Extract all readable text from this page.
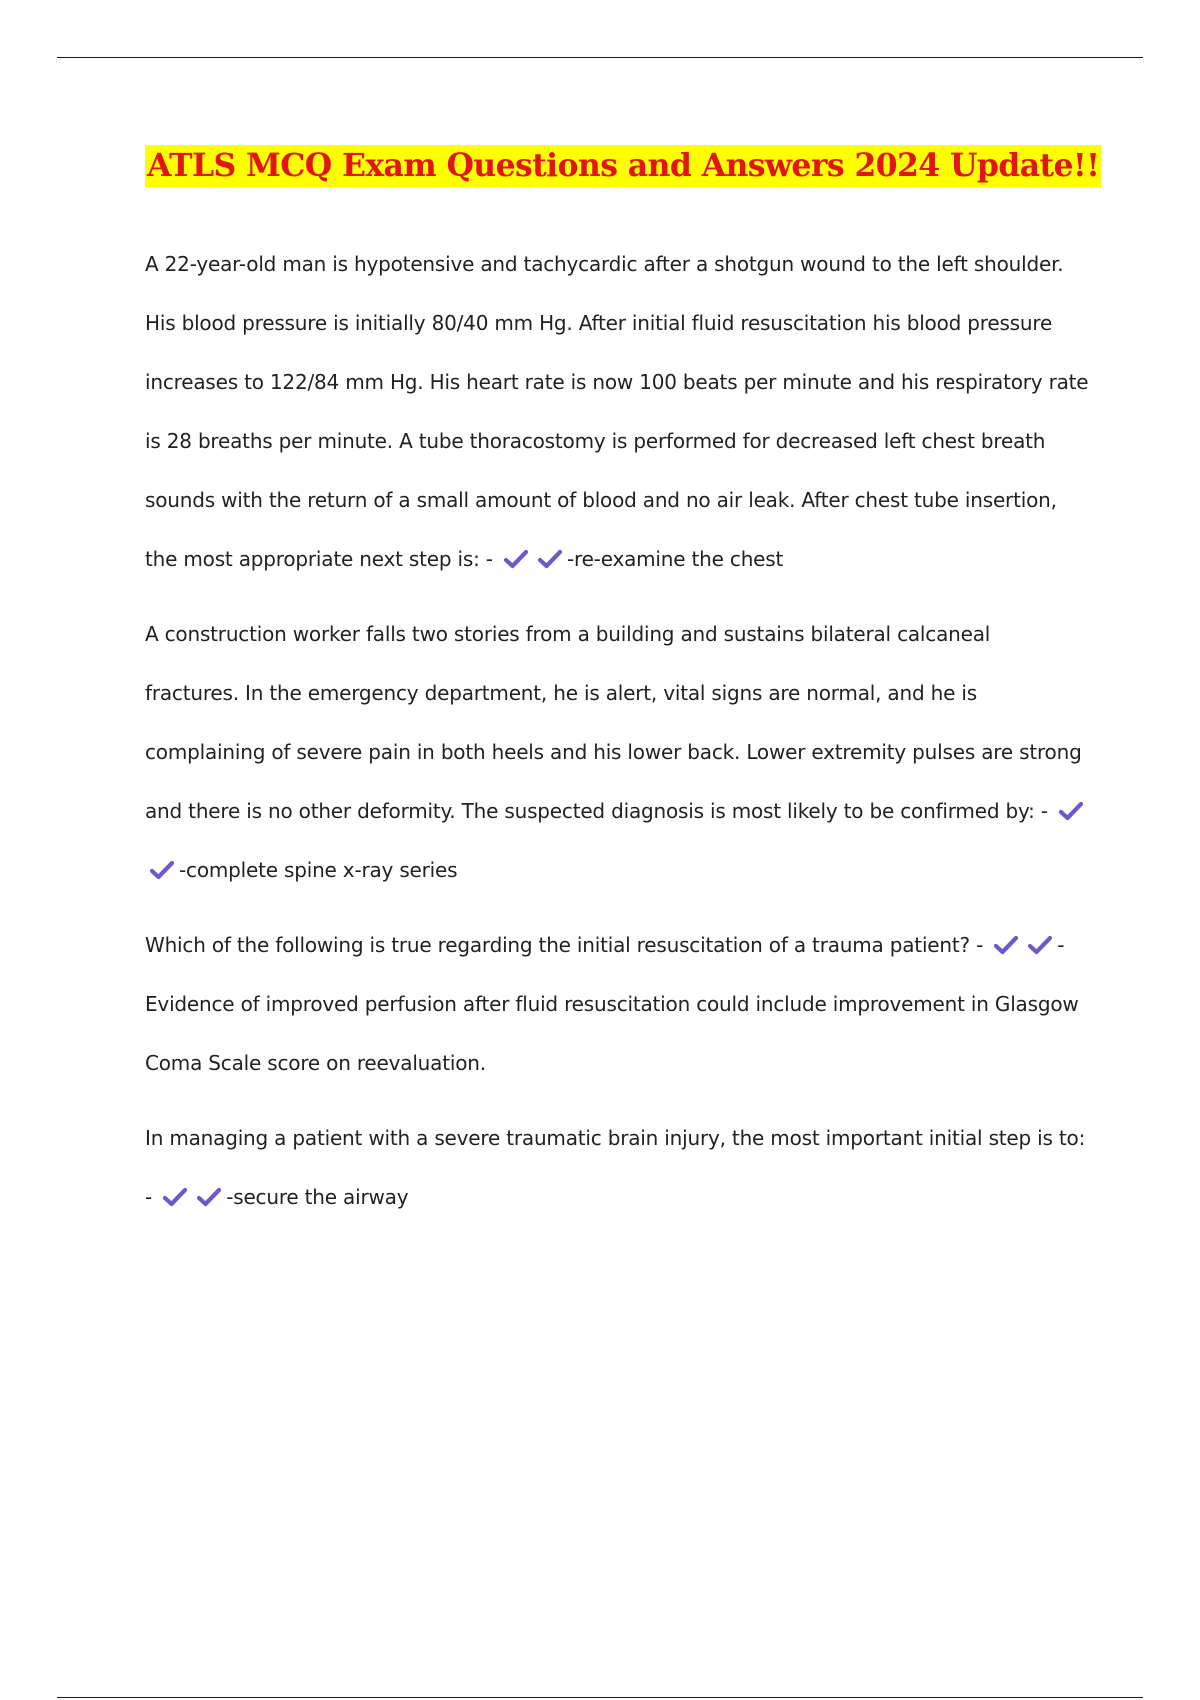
ATLS MCQ Exam Questions and Answers 2024 Update!!

A 22-year-old man is hypotensive and tachycardic after a shotgun wound to the left shoulder. His blood pressure is initially 80/40 mm Hg. After initial fluid resuscitation his blood pressure increases to 122/84 mm Hg. His heart rate is now 100 beats per minute and his respiratory rate is 28 breaths per minute. A tube thoracostomy is performed for decreased left chest breath sounds with the return of a small amount of blood and no air leak. After chest tube insertion, the most appropriate next step is: -	-re-examine the chest

A construction worker falls two stories from a building and sustains bilateral calcaneal fractures. In the emergency department, he is alert, vital signs are normal, and he is complaining of severe pain in both heels and his lower back. Lower extremity pulses are strong and there is no other deformity. The suspected diagnosis is most likely to be confirmed by: -
-complete spine x-ray series

Which of the following is true regarding the initial resuscitation of a trauma patient? -	-Evidence of improved perfusion after fluid resuscitation could include improvement in Glasgow Coma Scale score on reevaluation.

In managing a patient with a severe traumatic brain injury, the most important initial step is to: -	-secure the airway
